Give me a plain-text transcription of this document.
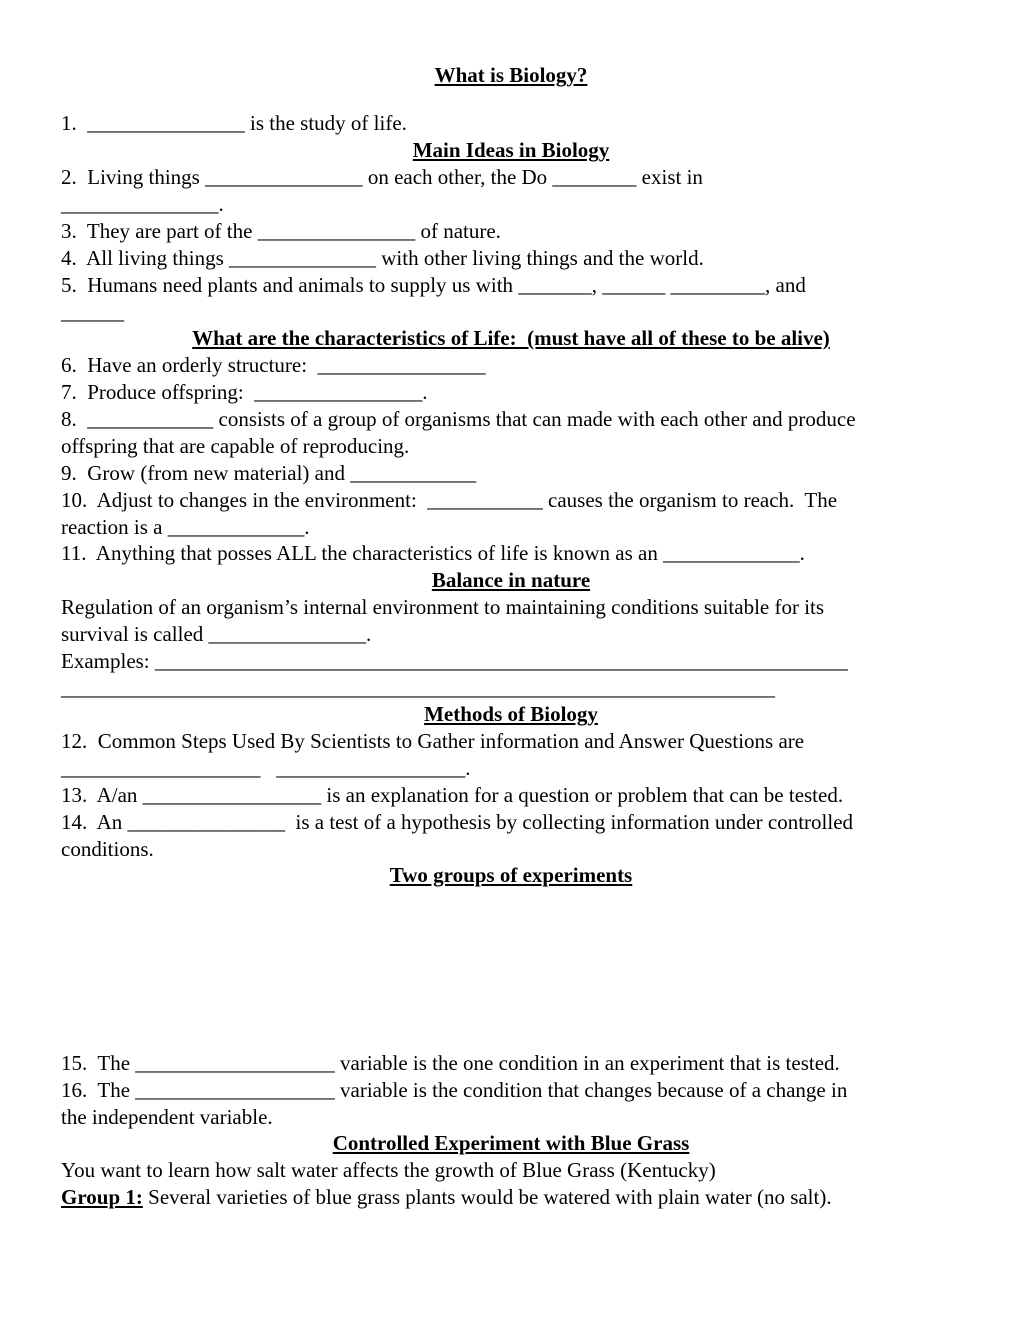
What is Biology?
1.  _______________ is the study of life.
Main Ideas in Biology
2.  Living things _______________ on each other, the Do ________ exist in
_______________.
3.  They are part of the _______________ of nature.
4.  All living things ______________ with other living things and the world.
5.  Humans need plants and animals to supply us with _______, ______ _________, and
______
What are the characteristics of Life:  (must have all of these to be alive)
6.  Have an orderly structure:  ________________
7.  Produce offspring:  ________________.
8.  ____________ consists of a group of organisms that can made with each other and produce
offspring that are capable of reproducing.
9.  Grow (from new material) and ____________
10.  Adjust to changes in the environment:  ___________ causes the organism to reach.  The
reaction is a _____________.
11.  Anything that posses ALL the characteristics of life is known as an _____________.
Balance in nature
Regulation of an organism’s internal environment to maintaining conditions suitable for its
survival is called _______________.
Examples: __________________________________________________________________
____________________________________________________________________
Methods of Biology
12.  Common Steps Used By Scientists to Gather information and Answer Questions are
___________________   __________________.
13.  A/an _________________ is an explanation for a question or problem that can be tested.
14.  An _______________  is a test of a hypothesis by collecting information under controlled
conditions.
Two groups of experiments
15.  The ___________________ variable is the one condition in an experiment that is tested.
16.  The ___________________ variable is the condition that changes because of a change in
the independent variable.
Controlled Experiment with Blue Grass
You want to learn how salt water affects the growth of Blue Grass (Kentucky)
Group 1: Several varieties of blue grass plants would be watered with plain water (no salt).
